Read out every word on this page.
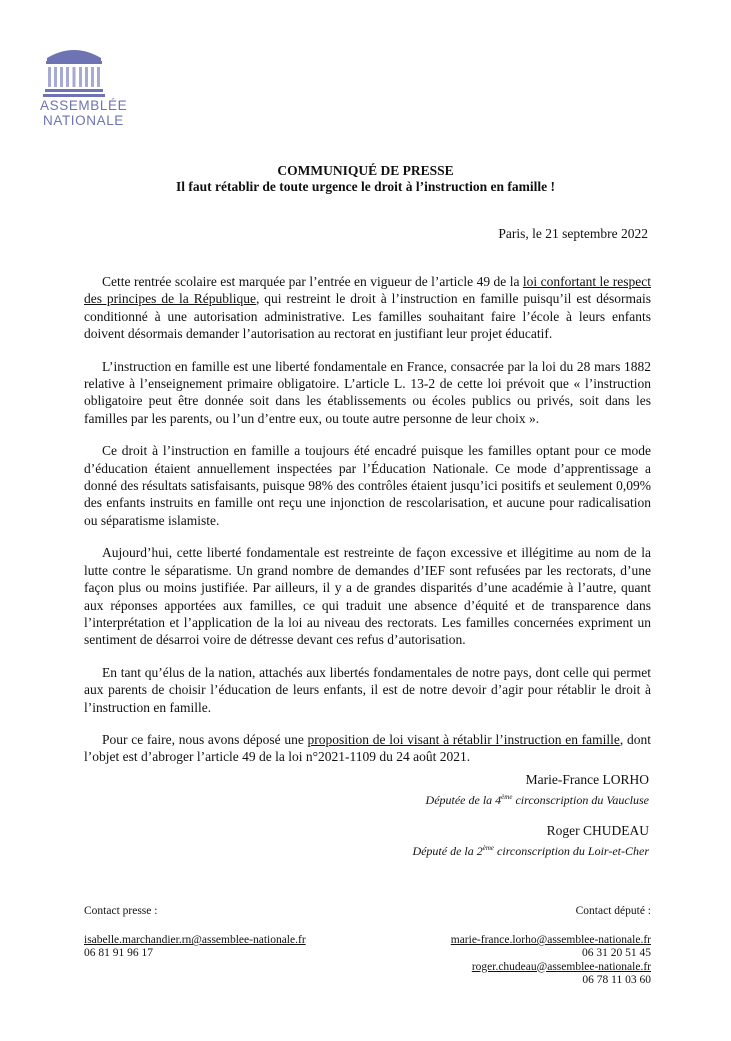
ASSEMBLÉE
NATIONALE
COMMUNIQUÉ DE PRESSE
Il faut rétablir de toute urgence le droit à l’instruction en famille !
Paris, le 21 septembre 2022

Cette rentrée scolaire est marquée par l’entrée en vigueur de l’article 49 de la loi confortant le respect des principes de la République, qui restreint le droit à l’instruction en famille puisqu’il est désormais conditionné à une autorisation administrative. Les familles souhaitant faire l’école à leurs enfants doivent désormais demander l’autorisation au rectorat en justifiant leur projet éducatif.

L’instruction en famille est une liberté fondamentale en France, consacrée par la loi du 28 mars 1882 relative à l’enseignement primaire obligatoire. L’article L. 13-2 de cette loi prévoit que « l’instruction obligatoire peut être donnée soit dans les établissements ou écoles publics ou privés, soit dans les familles par les parents, ou l’un d’entre eux, ou toute autre personne de leur choix ».

Ce droit à l’instruction en famille a toujours été encadré puisque les familles optant pour ce mode d’éducation étaient annuellement inspectées par l’Éducation Nationale. Ce mode d’apprentissage a donné des résultats satisfaisants, puisque 98% des contrôles étaient jusqu’ici positifs et seulement 0,09% des enfants instruits en famille ont reçu une injonction de rescolarisation, et aucune pour radicalisation ou séparatisme islamiste.

Aujourd’hui, cette liberté fondamentale est restreinte de façon excessive et illégitime au nom de la lutte contre le séparatisme. Un grand nombre de demandes d’IEF sont refusées par les rectorats, d’une façon plus ou moins justifiée. Par ailleurs, il y a de grandes disparités d’une académie à l’autre, quant aux réponses apportées aux familles, ce qui traduit une absence d’équité et de transparence dans l’interprétation et l’application de la loi au niveau des rectorats. Les familles concernées expriment un sentiment de désarroi voire de détresse devant ces refus d’autorisation.

En tant qu’élus de la nation, attachés aux libertés fondamentales de notre pays, dont celle qui permet aux parents de choisir l’éducation de leurs enfants, il est de notre devoir d’agir pour rétablir le droit à l’instruction en famille.

Pour ce faire, nous avons déposé une proposition de loi visant à rétablir l’instruction en famille, dont l’objet est d’abroger l’article 49 de la loi n°2021-1109 du 24 août 2021.

Marie-France LORHO
Députée de la 4ème circonscription du Vaucluse
Roger CHUDEAU
Député de la 2ème circonscription du Loir-et-Cher
Contact presse :
isabelle.marchandier.rn@assemblee-nationale.fr
06 81 91 96 17
Contact député :
marie-france.lorho@assemblee-nationale.fr
06 31 20 51 45
roger.chudeau@assemblee-nationale.fr
06 78 11 03 60
